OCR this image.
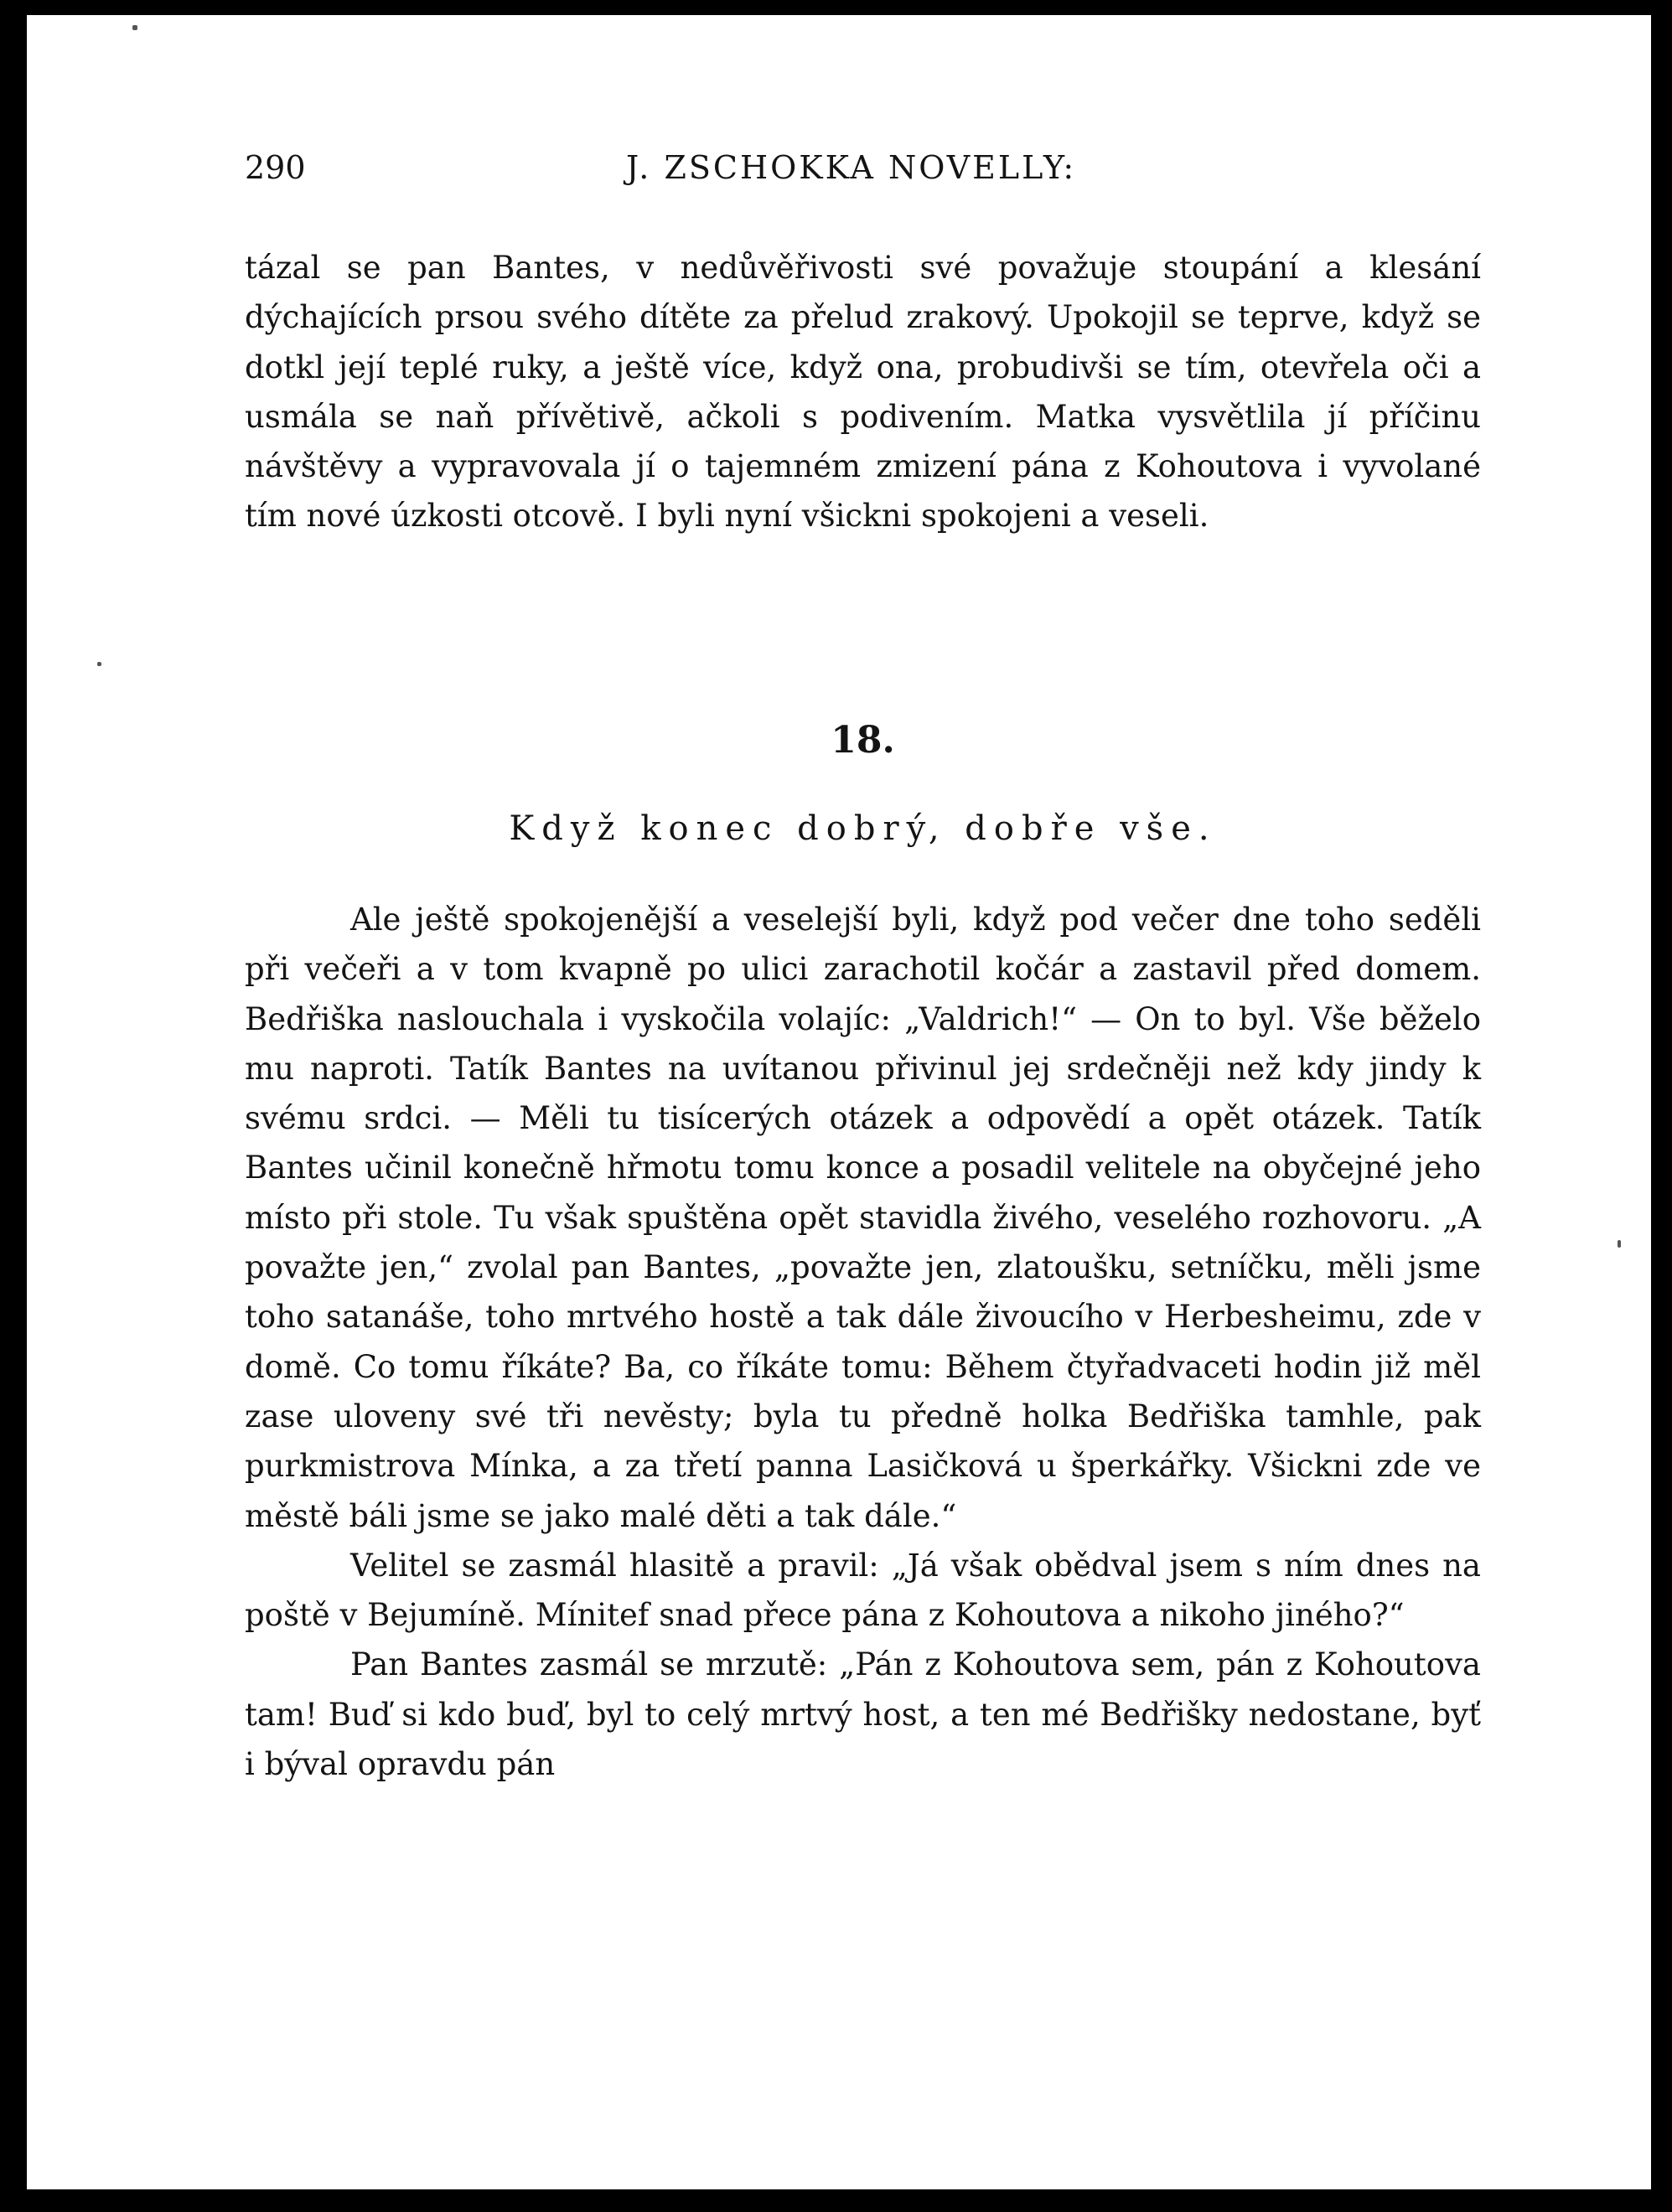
290	J. ZSCHOKKA NOVELLY:

tázal se pan Bantes, v nedůvěřivosti své považuje stoupání a klesání dýchajících prsou svého dítěte za přelud zrakový. Upokojil se teprve, když se dotkl její teplé ruky, a ještě více, když ona, probudivši se tím, otevřela oči a usmála se naň přívětivě, ačkoli s podivením. Matka vysvětlila jí příčinu návštěvy a vypravovala jí o tajemném zmizení pána z Kohoutova i vyvolané tím nové úzkosti otcově. I byli nyní všickni spokojeni a veseli.

18.
Když konec dobrý, dobře vše.

Ale ještě spokojenější a veselejší byli, když pod večer dne toho seděli při večeři a v tom kvapně po ulici zarachotil kočár a zastavil před domem. Bedřiška naslouchala i vyskočila volajíc: „Valdrich!“ — On to byl. Vše běželo mu naproti. Tatík Bantes na uvítanou přivinul jej srdečněji než kdy jindy k svému srdci. — Měli tu tisícerých otázek a odpovědí a opět otázek. Tatík Bantes učinil konečně hřmotu tomu konce a posadil velitele na obyčejné jeho místo při stole. Tu však spuštěna opět stavidla živého, veselého rozhovoru. „A považte jen,“ zvolal pan Bantes, „považte jen, zlatoušku, setníčku, měli jsme toho satanáše, toho mrtvého hostě a tak dále živoucího v Herbesheimu, zde v domě. Co tomu říkáte? Ba, co říkáte tomu: Během čtyřadvaceti hodin již měl zase uloveny své tři nevěsty; byla tu předně holka Bedřiška tamhle, pak purkmistrova Mínka, a za třetí panna Lasičková u šperkářky. Všickni zde ve městě báli jsme se jako malé děti a tak dále.“

Velitel se zasmál hlasitě a pravil: „Já však obědval jsem s ním dnes na poště v Bejumíně. Mínitef snad přece pána z Kohoutova a nikoho jiného?“

Pan Bantes zasmál se mrzutě: „Pán z Kohoutova sem, pán z Kohoutova tam! Buď si kdo buď, byl to celý mrtvý host, a ten mé Bedřišky nedostane, byť i býval opravdu pán
